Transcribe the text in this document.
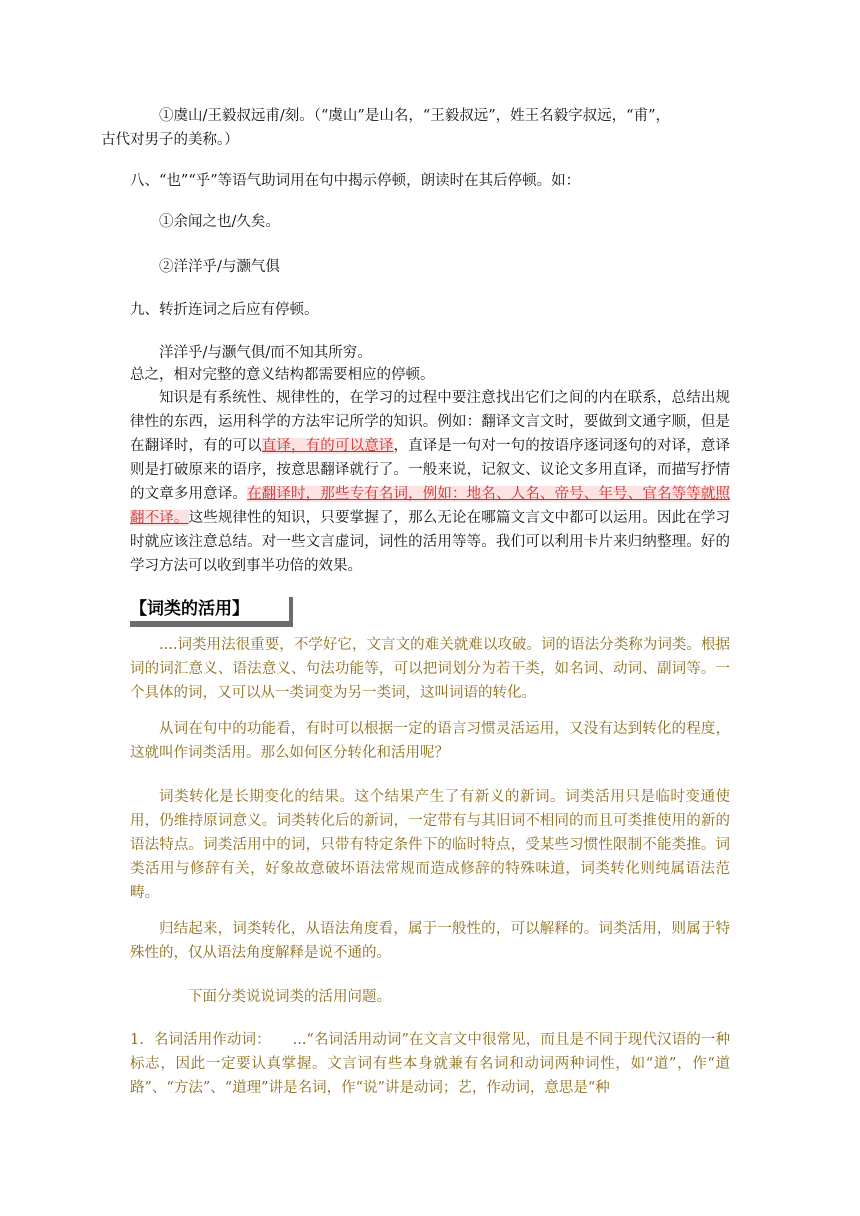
①虞山/王毅叔远甫/刻。（“虞山”是山名，“王毅叔远”，姓王名毅字叔远，“甫”，
古代对男子的美称。）

八、“也”“乎”等语气助词用在句中揭示停顿，朗读时在其后停顿。如：

①余闻之也/久矣。

②洋洋乎/与灏气俱

九、转折连词之后应有停顿。

洋洋乎/与灏气俱/而不知其所穷。

总之，相对完整的意义结构都需要相应的停顿。

知识是有系统性、规律性的，在学习的过程中要注意找出它们之间的内在联系，总结出规律性的东西，运用科学的方法牢记所学的知识。例如：翻译文言文时，要做到文通字顺，但是在翻译时，有的可以直译，有的可以意译，直译是一句对一句的按语序逐词逐句的对译，意译则是打破原来的语序，按意思翻译就行了。一般来说，记叙文、议论文多用直译，而描写抒情的文章多用意译。在翻译时，那些专有名词，例如：地名、人名、帝号、年号、官名等等就照翻不译。这些规律性的知识，只要掌握了，那么无论在哪篇文言文中都可以运用。因此在学习时就应该注意总结。对一些文言虚词，词性的活用等等。我们可以利用卡片来归纳整理。好的学习方法可以收到事半功倍的效果。

【词类的活用】

....词类用法很重要，不学好它，文言文的难关就难以攻破。词的语法分类称为词类。根据词的词汇意义、语法意义、句法功能等，可以把词划分为若干类，如名词、动词、副词等。一个具体的词，又可以从一类词变为另一类词，这叫词语的转化。

从词在句中的功能看，有时可以根据一定的语言习惯灵活运用，又没有达到转化的程度，这就叫作词类活用。那么如何区分转化和活用呢？

词类转化是长期变化的结果。这个结果产生了有新义的新词。词类活用只是临时变通使用，仍维持原词意义。词类转化后的新词，一定带有与其旧词不相同的而且可类推使用的新的语法特点。词类活用中的词，只带有特定条件下的临时特点，受某些习惯性限制不能类推。词类活用与修辞有关，好象故意破坏语法常规而造成修辞的特殊味道，词类转化则纯属语法范畴。

归结起来，词类转化，从语法角度看，属于一般性的，可以解释的。词类活用，则属于特殊性的，仅从语法角度解释是说不通的。

下面分类说说词类的活用问题。

1．名词活用作动词：　　...“名词活用动词”在文言文中很常见，而且是不同于现代汉语的一种标志，因此一定要认真掌握。文言词有些本身就兼有名词和动词两种词性，如“道”，作“道路”、“方法”、“道理”讲是名词，作“说”讲是动词；艺，作动词，意思是“种
